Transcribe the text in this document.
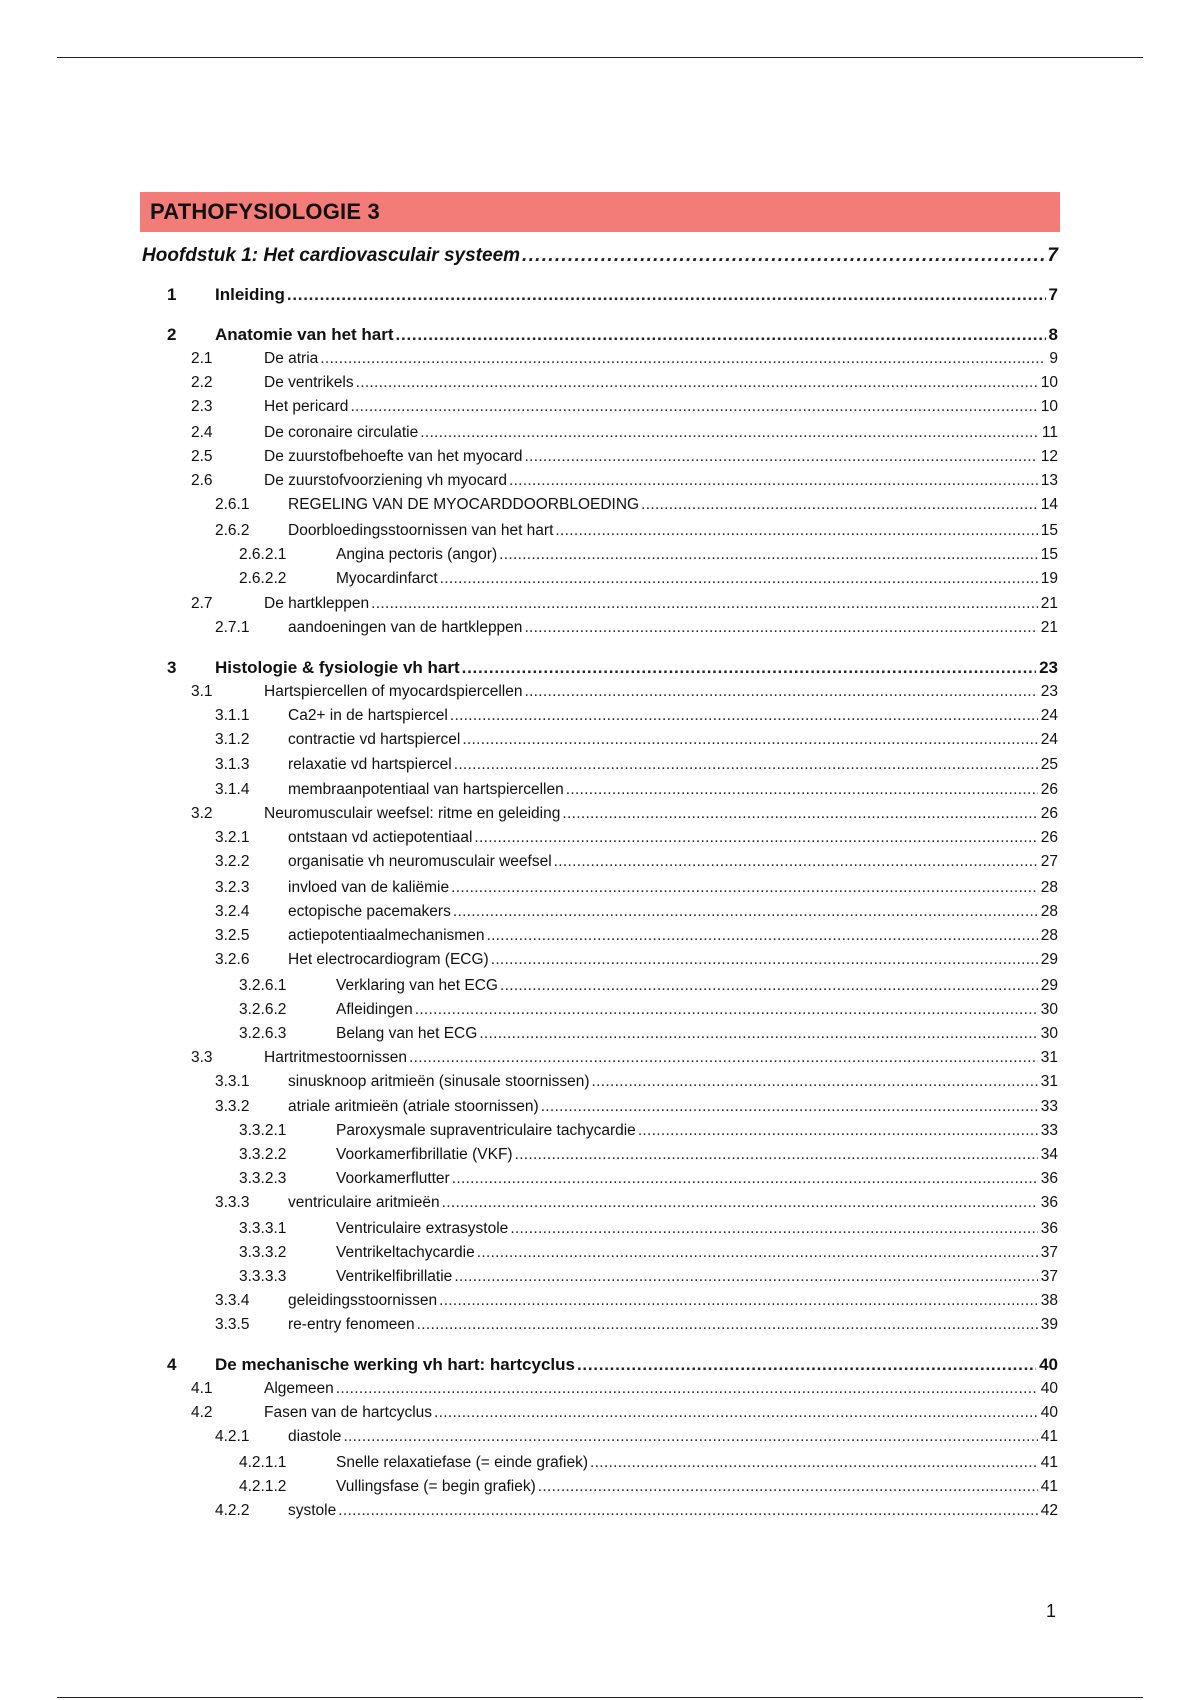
PATHOFYSIOLOGIE 3
Hoofdstuk 1: Het cardiovasculair systeem . . .	7
1	Inleiding . . .	7
2	Anatomie van het hart . . .	8
2.1	De atria . . .	9
2.2	De ventrikels . . .	10
2.3	Het pericard . . .	10
2.4	De coronaire circulatie . . .	11
2.5	De zuurstofbehoefte van het myocard . . .	12
2.6	De zuurstofvoorziening vh myocard . . .	13
2.6.1	REGELING VAN DE MYOCARDDOORBLOEDING . . .	14
2.6.2	Doorbloedingsstoornissen van het hart . . .	15
2.6.2.1	Angina pectoris (angor) . . .	15
2.6.2.2	Myocardinfarct . . .	19
2.7	De hartkleppen . . .	21
2.7.1	aandoeningen van de hartkleppen . . .	21
3	Histologie & fysiologie vh hart . . .	23
3.1	Hartspiercellen of myocardspiercellen . . .	23
3.1.1	Ca2+ in de hartspiercel . . .	24
3.1.2	contractie vd hartspiercel . . .	24
3.1.3	relaxatie vd hartspiercel . . .	25
3.1.4	membraanpotentiaal van hartspiercellen . . .	26
3.2	Neuromusculair weefsel: ritme en geleiding . . .	26
3.2.1	ontstaan vd actiepotentiaal . . .	26
3.2.2	organisatie vh neuromusculair weefsel . . .	27
3.2.3	invloed van de kaliëmie . . .	28
3.2.4	ectopische pacemakers . . .	28
3.2.5	actiepotentiaalmechanismen . . .	28
3.2.6	Het electrocardiogram (ECG) . . .	29
3.2.6.1	Verklaring van het ECG . . .	29
3.2.6.2	Afleidingen . . .	30
3.2.6.3	Belang van het ECG . . .	30
3.3	Hartritmestoornissen . . .	31
3.3.1	sinusknoop aritmieën (sinusale stoornissen) . . .	31
3.3.2	atriale aritmieën (atriale stoornissen) . . .	33
3.3.2.1	Paroxysmale supraventriculaire tachycardie . . .	33
3.3.2.2	Voorkamerfibrillatie (VKF) . . .	34
3.3.2.3	Voorkamerflutter . . .	36
3.3.3	ventriculaire aritmieën . . .	36
3.3.3.1	Ventriculaire extrasystole . . .	36
3.3.3.2	Ventrikeltachycardie . . .	37
3.3.3.3	Ventrikelfibrillatie . . .	37
3.3.4	geleidingsstoornissen . . .	38
3.3.5	re-entry fenomeen . . .	39
4	De mechanische werking vh hart: hartcyclus . . .	40
4.1	Algemeen . . .	40
4.2	Fasen van de hartcyclus . . .	40
4.2.1	diastole . . .	41
4.2.1.1	Snelle relaxatiefase (= einde grafiek) . . .	41
4.2.1.2	Vullingsfase (= begin grafiek) . . .	41
4.2.2	systole . . .	42
1
